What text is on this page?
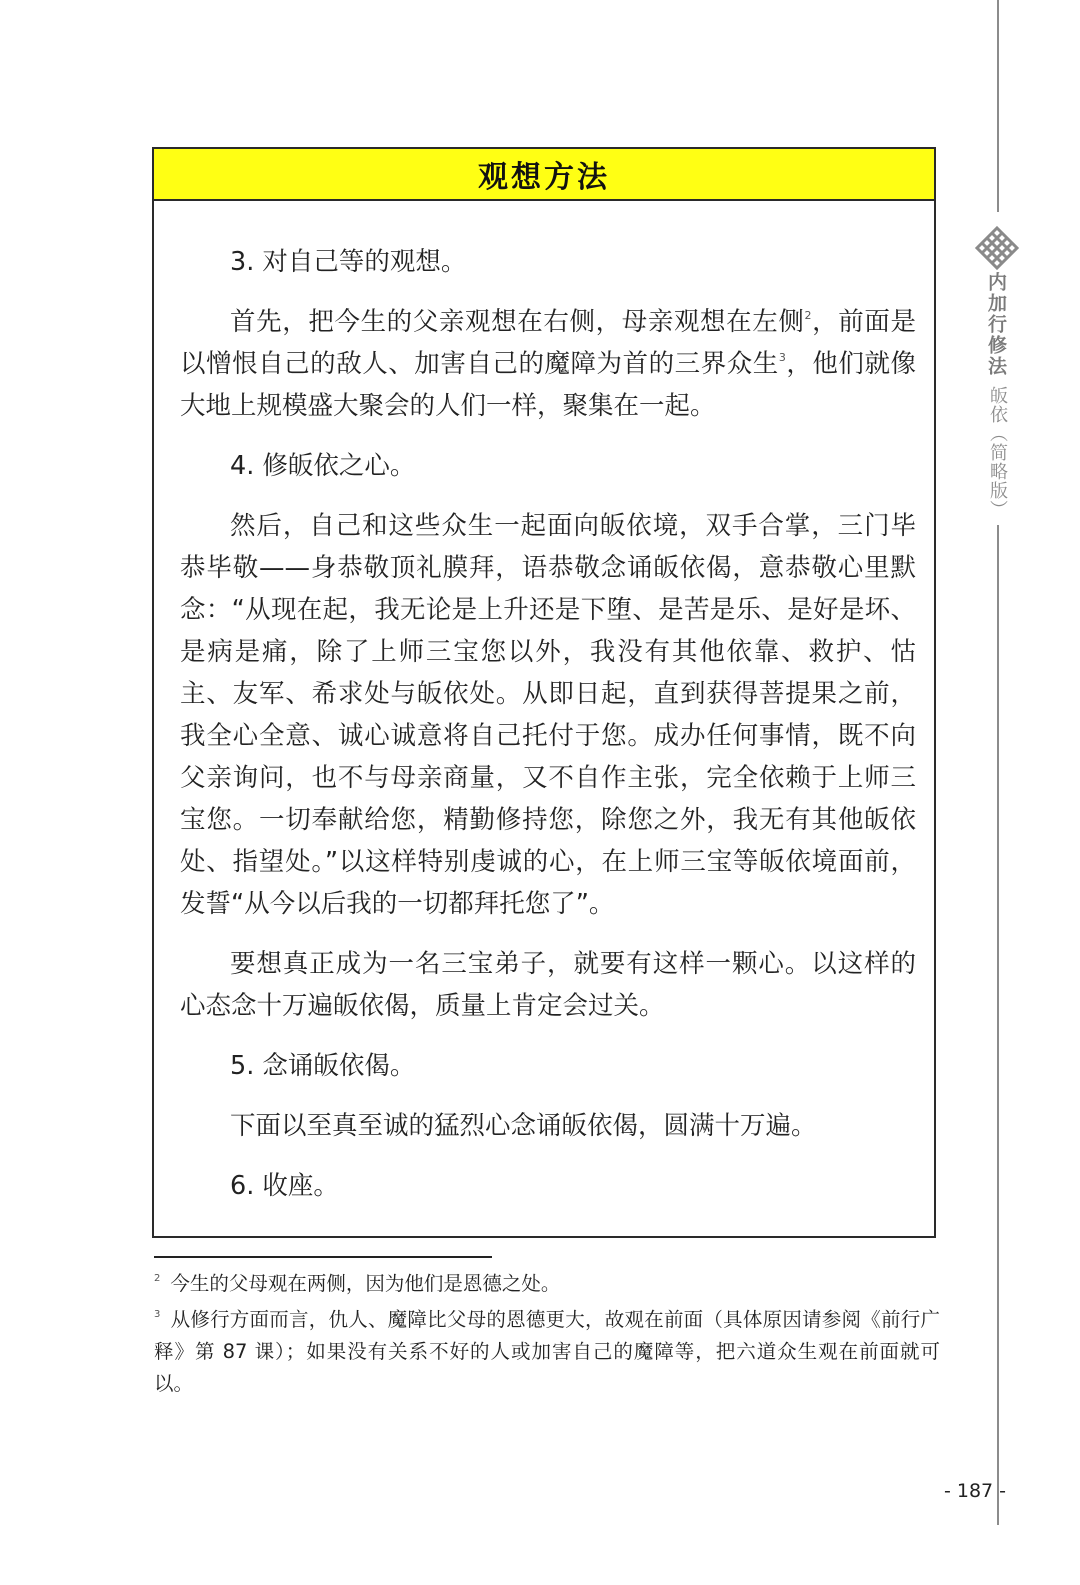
内加行修法
皈依（简略版）
观想方法

3. 对自己等的观想。

首先，把今生的父亲观想在右侧，母亲观想在左侧$^2$，前面是以憎恨自己的敌人、加害自己的魔障为首的三界众生$^3$，他们就像大地上规模盛大聚会的人们一样，聚集在一起。

4. 修皈依之心。

然后，自己和这些众生一起面向皈依境，双手合掌，三门毕恭毕敬——身恭敬顶礼膜拜，语恭敬念诵皈依偈，意恭敬心里默念：“从现在起，我无论是上升还是下堕、是苦是乐、是好是坏、是病是痛，除了上师三宝您以外，我没有其他依靠、救护、怙主、友军、希求处与皈依处。从即日起，直到获得菩提果之前，我全心全意、诚心诚意将自己托付于您。成办任何事情，既不向父亲询问，也不与母亲商量，又不自作主张，完全依赖于上师三宝您。一切奉献给您，精勤修持您，除您之外，我无有其他皈依处、指望处。”以这样特别虔诚的心，在上师三宝等皈依境面前，发誓“从今以后我的一切都拜托您了”。

要想真正成为一名三宝弟子，就要有这样一颗心。以这样的心态念十万遍皈依偈，质量上肯定会过关。

5. 念诵皈依偈。

下面以至真至诚的猛烈心念诵皈依偈，圆满十万遍。

6. 收座。

$^2$ 今生的父母观在两侧，因为他们是恩德之处。

$^3$ 从修行方面而言，仇人、魔障比父母的恩德更大，故观在前面（具体原因请参阅《前行广释》第 87 课）；如果没有关系不好的人或加害自己的魔障等，把六道众生观在前面就可以。

- 187 -
